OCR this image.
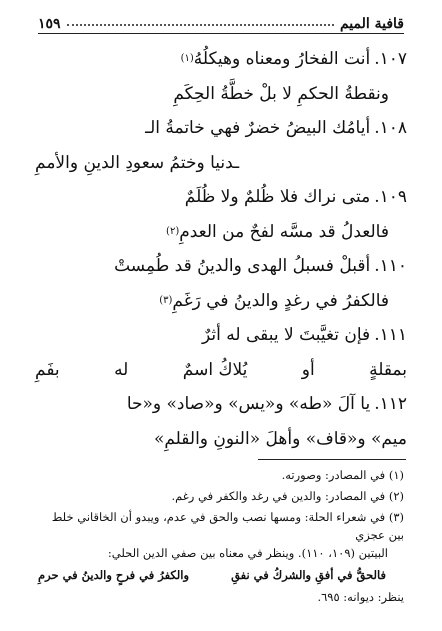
قافية الميم
١٥٩
١٠٧.
أنت الفخارُ ومعناه وهيكلُهُ
(١)
ونقطةُ الحكمِ لا بلْ خطَّةُ الحِكَمِ
١٠٨.
أيامُك البيضُ خضرٌ فهي خاتمةُ الـ
ـدنيا وختمُ سعودِ الدينِ والأممِ
١٠٩.
متى نراك فلا ظُلمٌ ولا ظُلَمٌ
فالعدلُ قد مسَّه لفحٌ من العدمِ
(٢)
١١٠.
أقبلْ فسبلُ الهدى والدينُ قد طُمِستْ
فالكفرُ في رغدٍ والدينُ في رَغَمِ
(٣)
١١١.
فإن تغيَّبتَ لا يبقى له أثرٌ
بمقلةٍ
أو
يُلاكُ اسمٌ
له
بفَمِ
١١٢.
يا آلَ «طه» و«يس» و«صاد» و«حا
ميم» و«قاف» وأهلَ «النونِ والقلمِ»

(١) في المصادر: وصورته.

(٢) في المصادر: والدين في رغد والكفر في رغم.

(٣) في شعراء الحلة: ومسها نصب والحق في عدم، ويبدو أن الخاقاني خلط بين عجزي

البيتين (١٠٩، ١١٠). وينظر في معناه بين صفي الدين الحلي:

فالحقُّ في أفقِ والشركُ في نفقِ
والكفرُ في فرحٍ والدينُ في حرمِ

ينظر: ديوانه: ٦٩٥.
